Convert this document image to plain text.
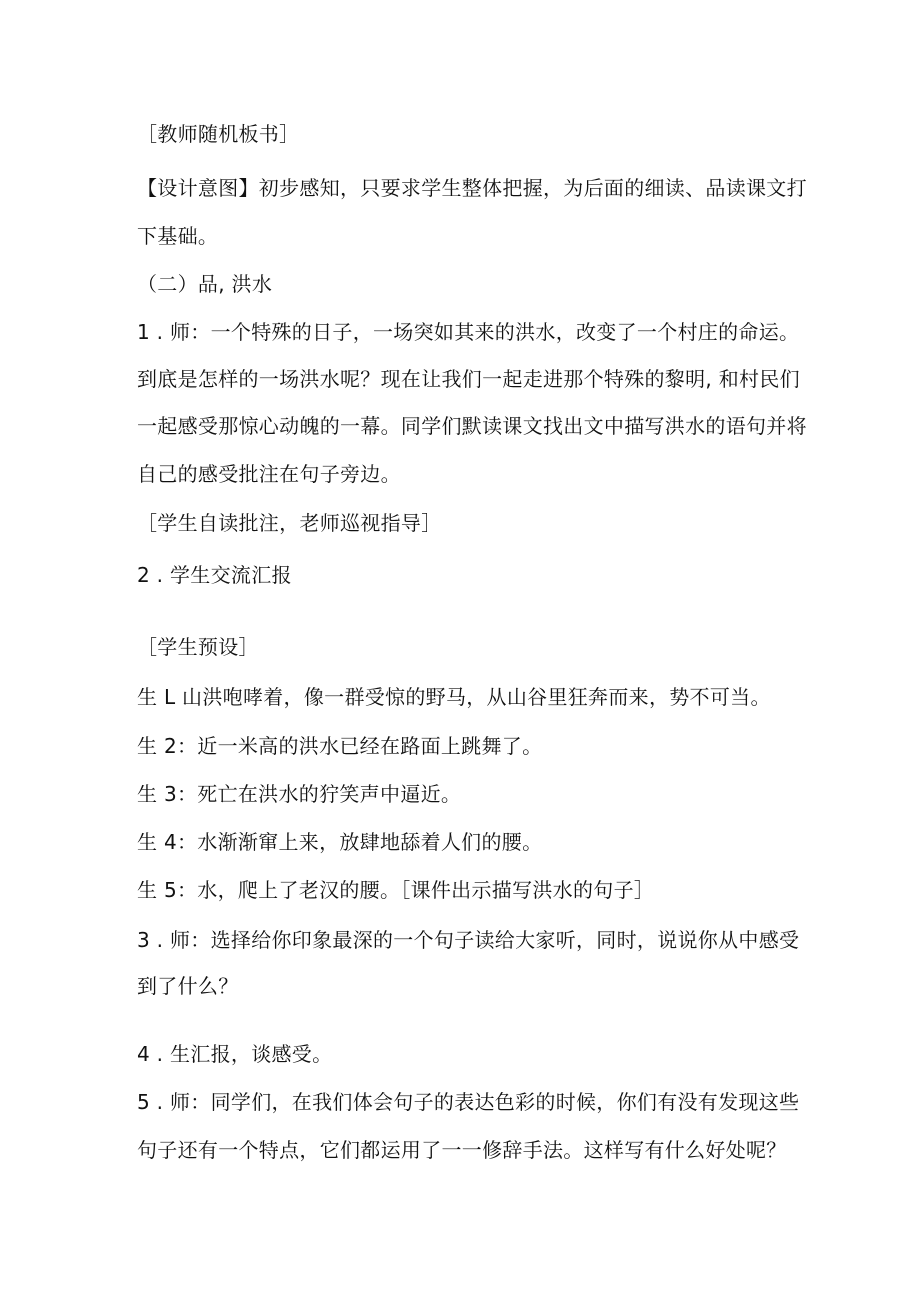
［教师随机板书］
【设计意图】初步感知，只要求学生整体把握，为后面的细读、品读课文打
下基础。
（二）品, 洪水
1 . 师：一个特殊的日子，一场突如其来的洪水，改变了一个村庄的命运。
到底是怎样的一场洪水呢？现在让我们一起走进那个特殊的黎明, 和村民们
一起感受那惊心动魄的一幕。同学们默读课文找出文中描写洪水的语句并将
自己的感受批注在句子旁边。
［学生自读批注，老师巡视指导］
2 . 学生交流汇报
［学生预设］
生 L 山洪咆哮着，像一群受惊的野马，从山谷里狂奔而来，势不可当。
生 2：近一米高的洪水已经在路面上跳舞了。
生 3：死亡在洪水的狞笑声中逼近。
生 4：水渐渐窜上来，放肆地舔着人们的腰。
生 5：水，爬上了老汉的腰。［课件出示描写洪水的句子］
3 . 师：选择给你印象最深的一个句子读给大家听，同时，说说你从中感受
到了什么？
4 . 生汇报，谈感受。
5 . 师：同学们，在我们体会句子的表达色彩的时候，你们有没有发现这些
句子还有一个特点，它们都运用了一一修辞手法。这样写有什么好处呢？
